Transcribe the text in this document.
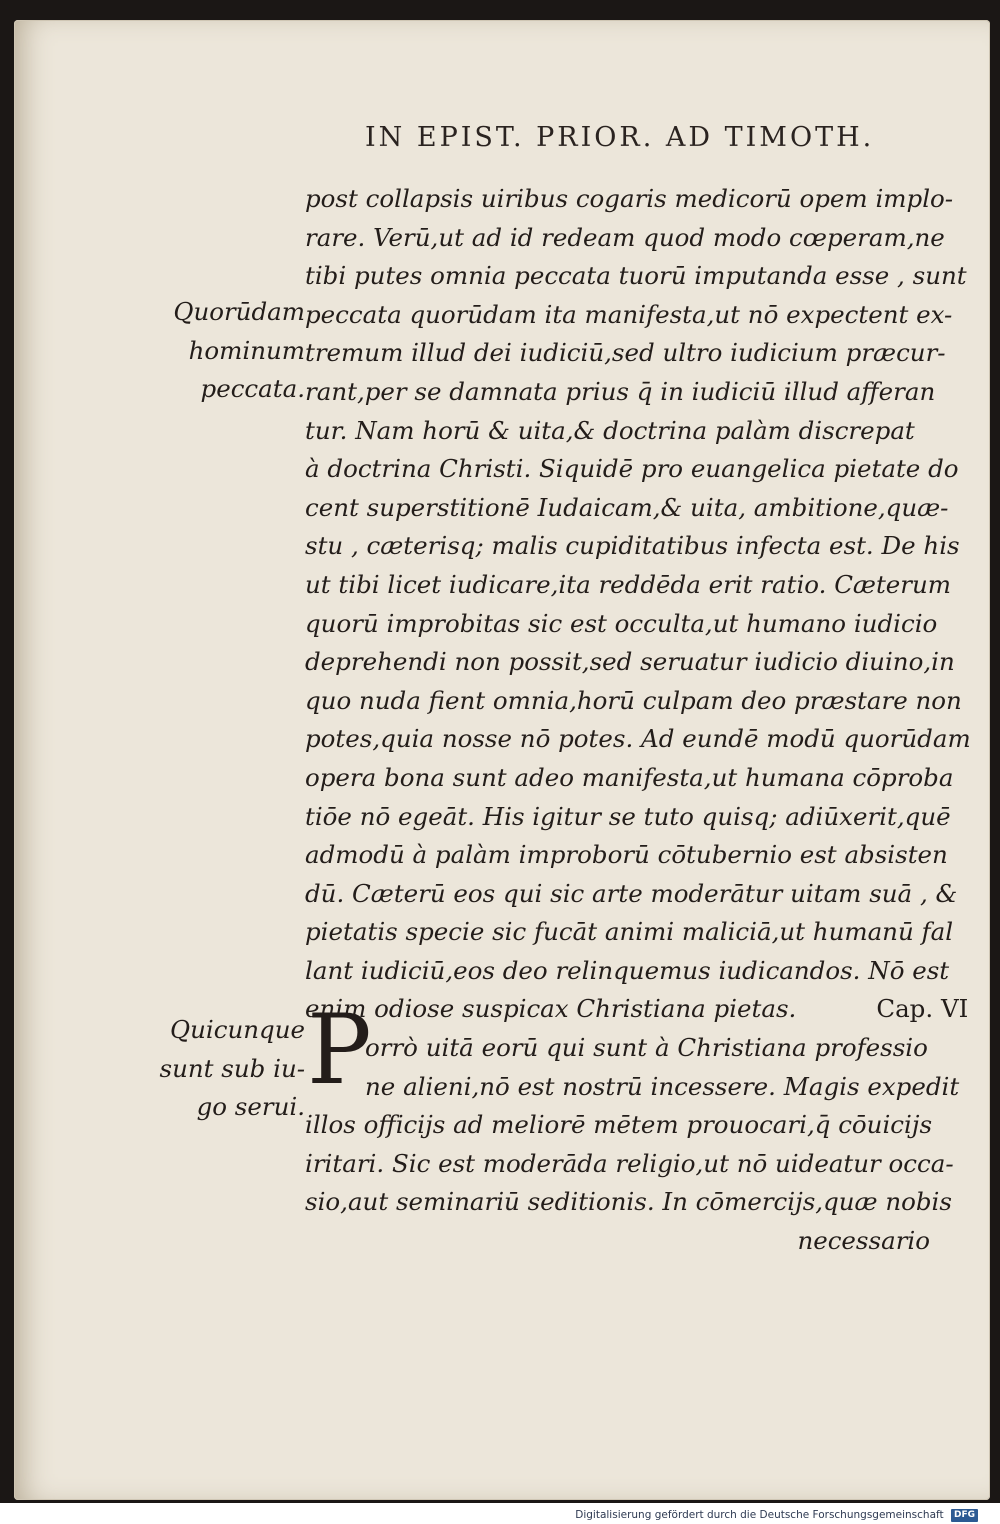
IN EPIST. PRIOR. AD TIMOTH.
Quorūdam
hominum
peccata.
Quicunque
sunt sub iu-
go serui.
post collapsis uiribus cogaris medicorū opem implo-
rare. Verū,ut ad id redeam quod modo cœperam,ne
tibi putes omnia peccata tuorū imputanda esse , sunt
peccata quorūdam ita manifesta,ut nō expectent ex-
tremum illud dei iudiciū,sed ultro iudicium præcur-
rant,per se damnata prius q̄ in iudiciū illud afferan
tur. Nam horū & uita,& doctrina palàm discrepat
à doctrina Christi. Siquidē pro euangelica pietate do
cent superstitionē Iudaicam,& uita, ambitione,quæ-
stu , cæterisq; malis cupiditatibus infecta est. De his
ut tibi licet iudicare,ita reddēda erit ratio. Cæterum
quorū improbitas sic est occulta,ut humano iudicio
deprehendi non possit,sed seruatur iudicio diuino,in
quo nuda fient omnia,horū culpam deo præstare non
potes,quia nosse nō potes. Ad eundē modū quorūdam
opera bona sunt adeo manifesta,ut humana cōproba
tiōe nō egeāt. His igitur se tuto quisq; adiūxerit,quē
admodū à palàm improborū cōtubernio est absisten
dū. Cæterū eos qui sic arte moderātur uitam suā , &
pietatis specie sic fucāt animi maliciā,ut humanū fal
lant iudiciū,eos deo relinquemus iudicandos. Nō est
enim odiose suspicax Christiana pietas.	Cap. VI
orrò uitā eorū qui sunt à Christiana professio
ne alieni,nō est nostrū incessere. Magis expedit
illos officijs ad meliorē mētem prouocari,q̄ cōuicijs
iritari. Sic est moderāda religio,ut nō uideatur occa-
sio,aut seminariū seditionis. In cōmercijs,quæ nobis
necessario
P
Digitalisierung gefördert durch die Deutsche Forschungsgemeinschaft DFG
